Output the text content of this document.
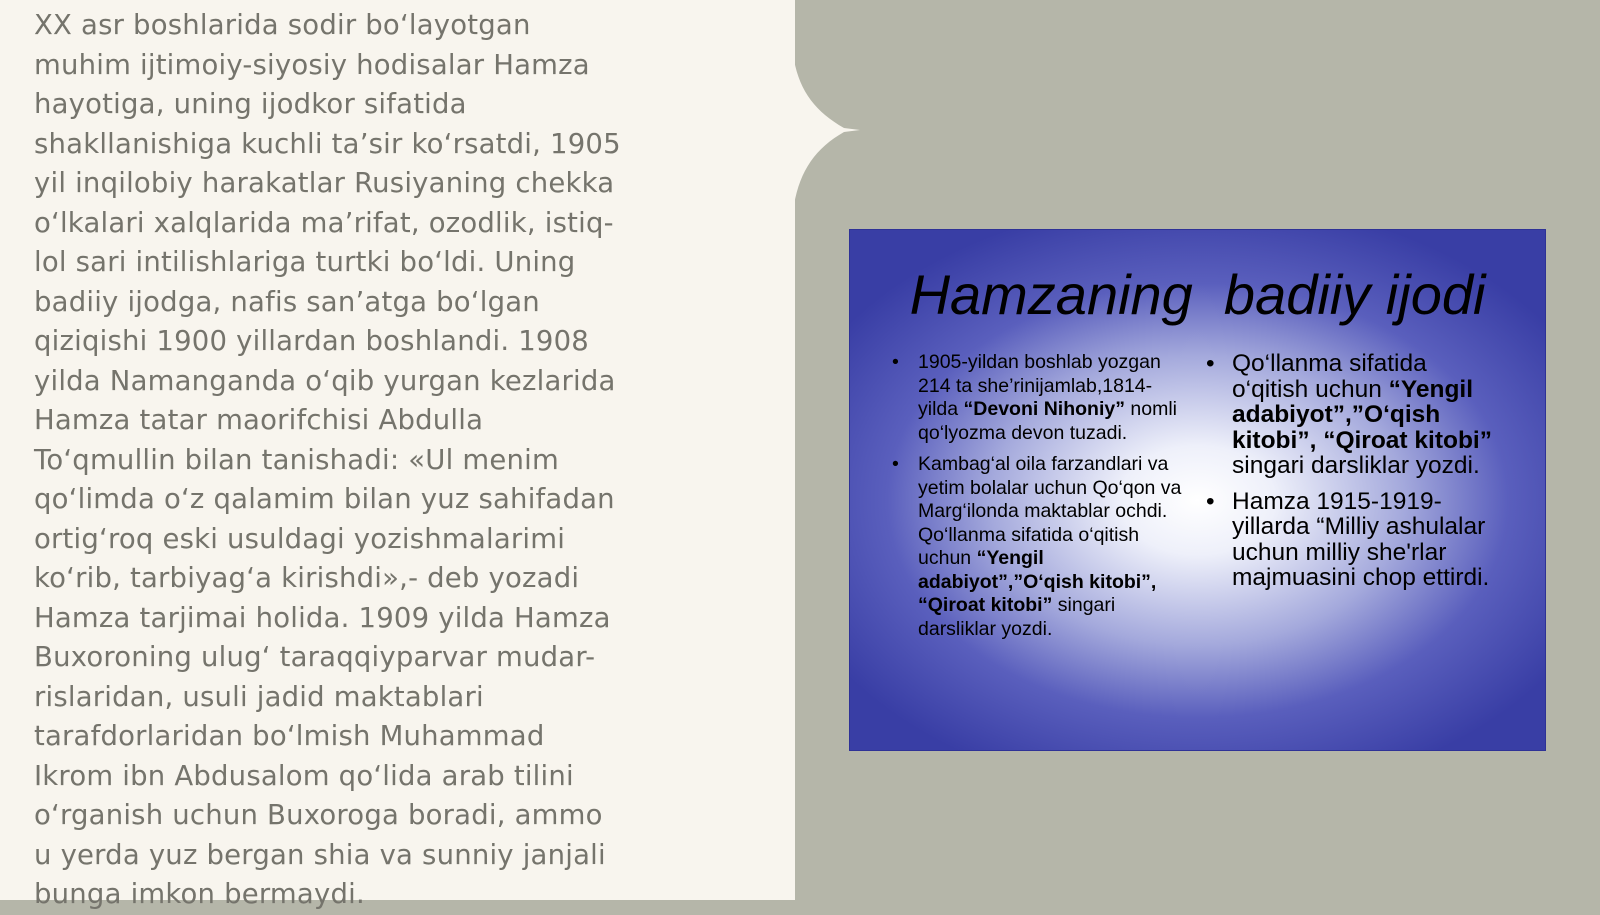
XX asr boshlarida sodir bo‘layotgan
muhim ijtimoiy-siyosiy hodisalar Hamza
hayotiga, uning ijodkor sifatida
shakllanishiga kuchli ta’sir ko‘rsatdi, 1905
yil inqilobiy harakatlar Rusiyaning chekka
o‘lkalari xalqlarida ma’rifat, ozodlik, istiq-
lol sari intilishlariga turtki bo‘ldi. Uning
badiiy ijodga, nafis san’atga bo‘lgan
qiziqishi 1900 yillardan boshlandi. 1908
yilda Namanganda o‘qib yurgan kezlarida
Hamza tatar maorifchisi Abdulla
To‘qmullin bilan tanishadi: «Ul menim
qo‘limda o‘z qalamim bilan yuz sahifadan
ortig‘roq eski usuldagi yozishmalarimi
ko‘rib, tarbiyag‘a kirishdi»,- deb yozadi
Hamza tarjimai holida. 1909 yilda Hamza
Buxoroning ulug‘ taraqqiyparvar mudar-
rislaridan, usuli jadid maktablari
tarafdorlaridan bo‘lmish Muhammad
Ikrom ibn Abdusalom qo‘lida arab tilini
o‘rganish uchun Buxoroga boradi, ammo
u yerda yuz bergan shia va sunniy janjali
bunga imkon bermaydi.

Hamzaning  badiiy ijodi
• 1905-yildan boshlab yozgan 214 ta she’rinijamlab,1814-yilda “Devoni Nihoniy” nomli qo‘lyozma devon tuzadi.
• Kambag‘al oila farzandlari va yetim bolalar uchun Qo‘qon va Marg‘ilonda maktablar ochdi. Qo‘llanma sifatida o‘qitish uchun “Yengil adabiyot”,”O‘qish kitobi”, “Qiroat kitobi” singari darsliklar yozdi.
• Qo‘llanma sifatida o‘qitish uchun “Yengil adabiyot”,”O‘qish kitobi”, “Qiroat kitobi” singari darsliklar yozdi.
• Hamza 1915-1919- yillarda “Milliy ashulalar uchun milliy she'rlar majmuasini chop ettirdi.
